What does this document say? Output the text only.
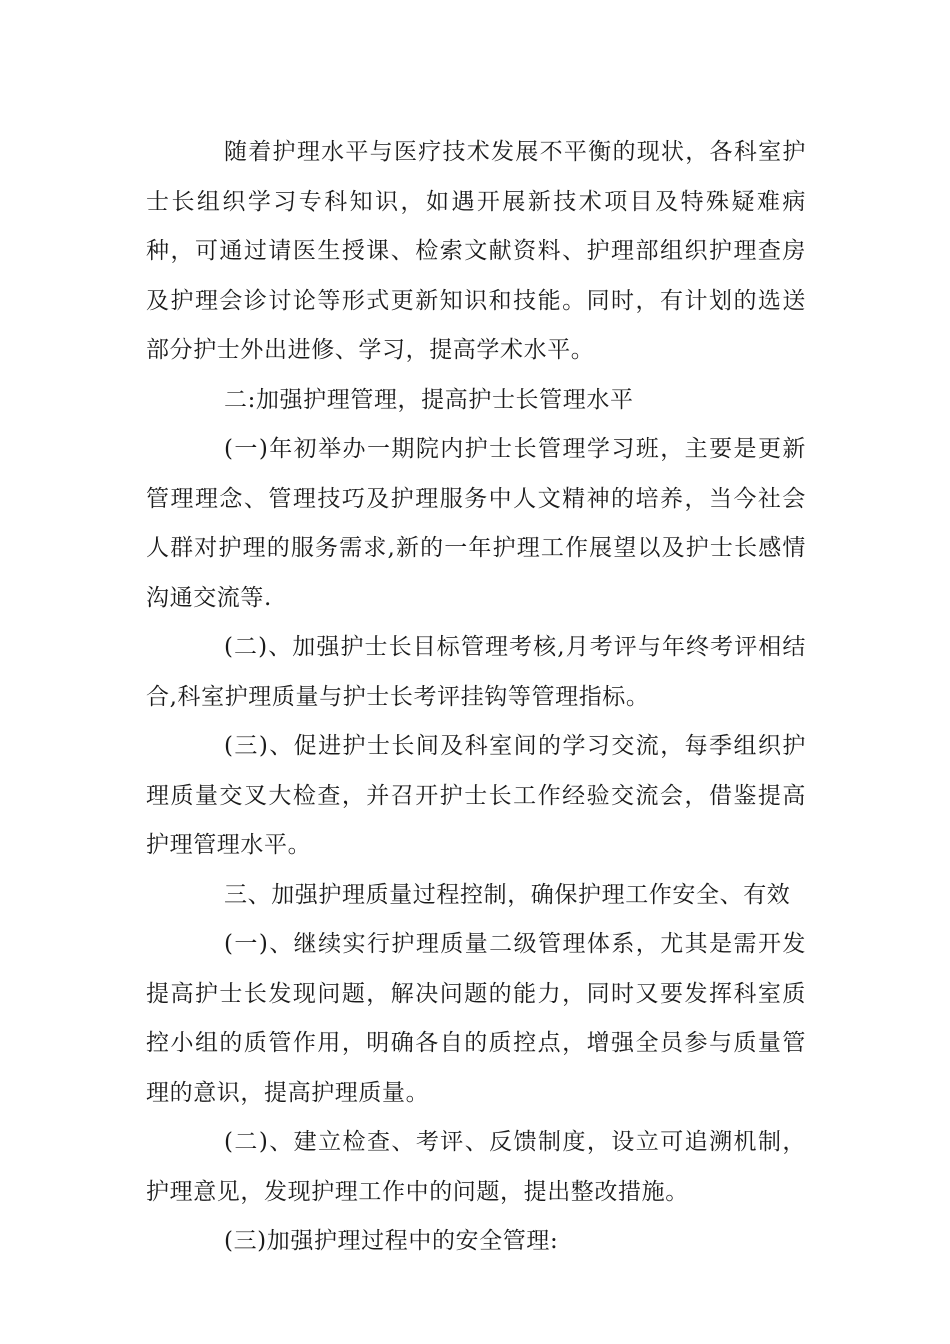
随着护理水平与医疗技术发展不平衡的现状，各科室护士长组织学习专科知识，如遇开展新技术项目及特殊疑难病种，可通过请医生授课、检索文献资料、护理部组织护理查房及护理会诊讨论等形式更新知识和技能。同时，有计划的选送部分护士外出进修、学习，提高学术水平。

二:加强护理管理，提高护士长管理水平

(一)年初举办一期院内护士长管理学习班，主要是更新管理理念、管理技巧及护理服务中人文精神的培养，当今社会人群对护理的服务需求,新的一年护理工作展望以及护士长感情沟通交流等.

(二)、加强护士长目标管理考核,月考评与年终考评相结合,科室护理质量与护士长考评挂钩等管理指标。

(三)、促进护士长间及科室间的学习交流，每季组织护理质量交叉大检查，并召开护士长工作经验交流会，借鉴提高护理管理水平。

三、加强护理质量过程控制，确保护理工作安全、有效

(一)、继续实行护理质量二级管理体系，尤其是需开发提高护士长发现问题，解决问题的能力，同时又要发挥科室质控小组的质管作用，明确各自的质控点，增强全员参与质量管理的意识，提高护理质量。

(二)、建立检查、考评、反馈制度，设立可追溯机制，护理意见，发现护理工作中的问题，提出整改措施。

(三)加强护理过程中的安全管理:
